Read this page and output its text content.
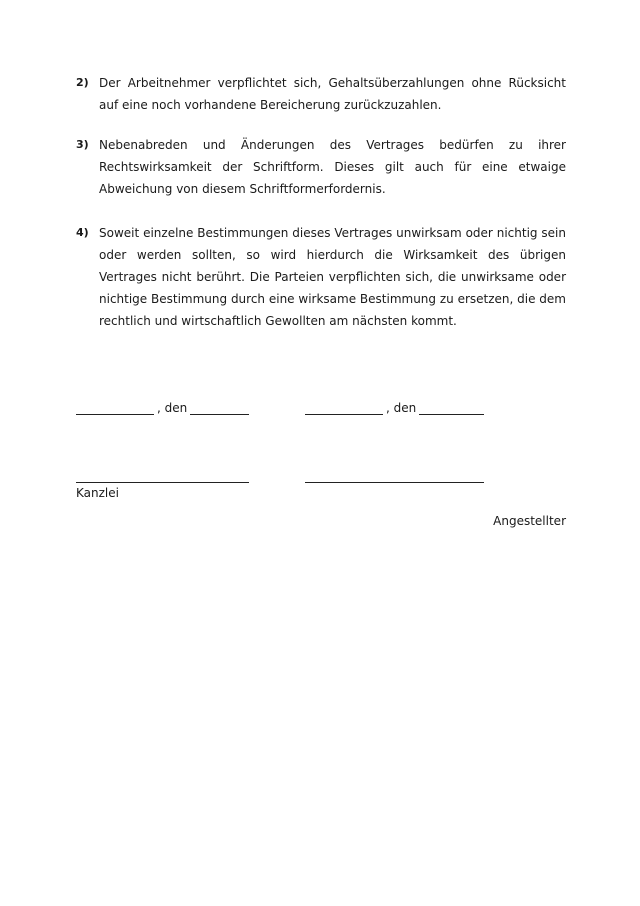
2) Der Arbeitnehmer verpflichtet sich, Gehaltsüberzahlungen ohne Rücksicht auf eine noch vorhandene Bereicherung zurückzuzahlen.
3) Nebenabreden und Änderungen des Vertrages bedürfen zu ihrer Rechtswirksamkeit der Schriftform. Dieses gilt auch für eine etwaige Abweichung von diesem Schriftformerfordernis.
4) Soweit einzelne Bestimmungen dieses Vertrages unwirksam oder nichtig sein oder werden sollten, so wird hierdurch die Wirksamkeit des übrigen Vertrages nicht berührt. Die Parteien verpflichten sich, die unwirksame oder nichtige Bestimmung durch eine wirksame Bestimmung zu ersetzen, die dem rechtlich und wirtschaftlich Gewollten am nächsten kommt.
, den	, den
Kanzlei
Angestellter
